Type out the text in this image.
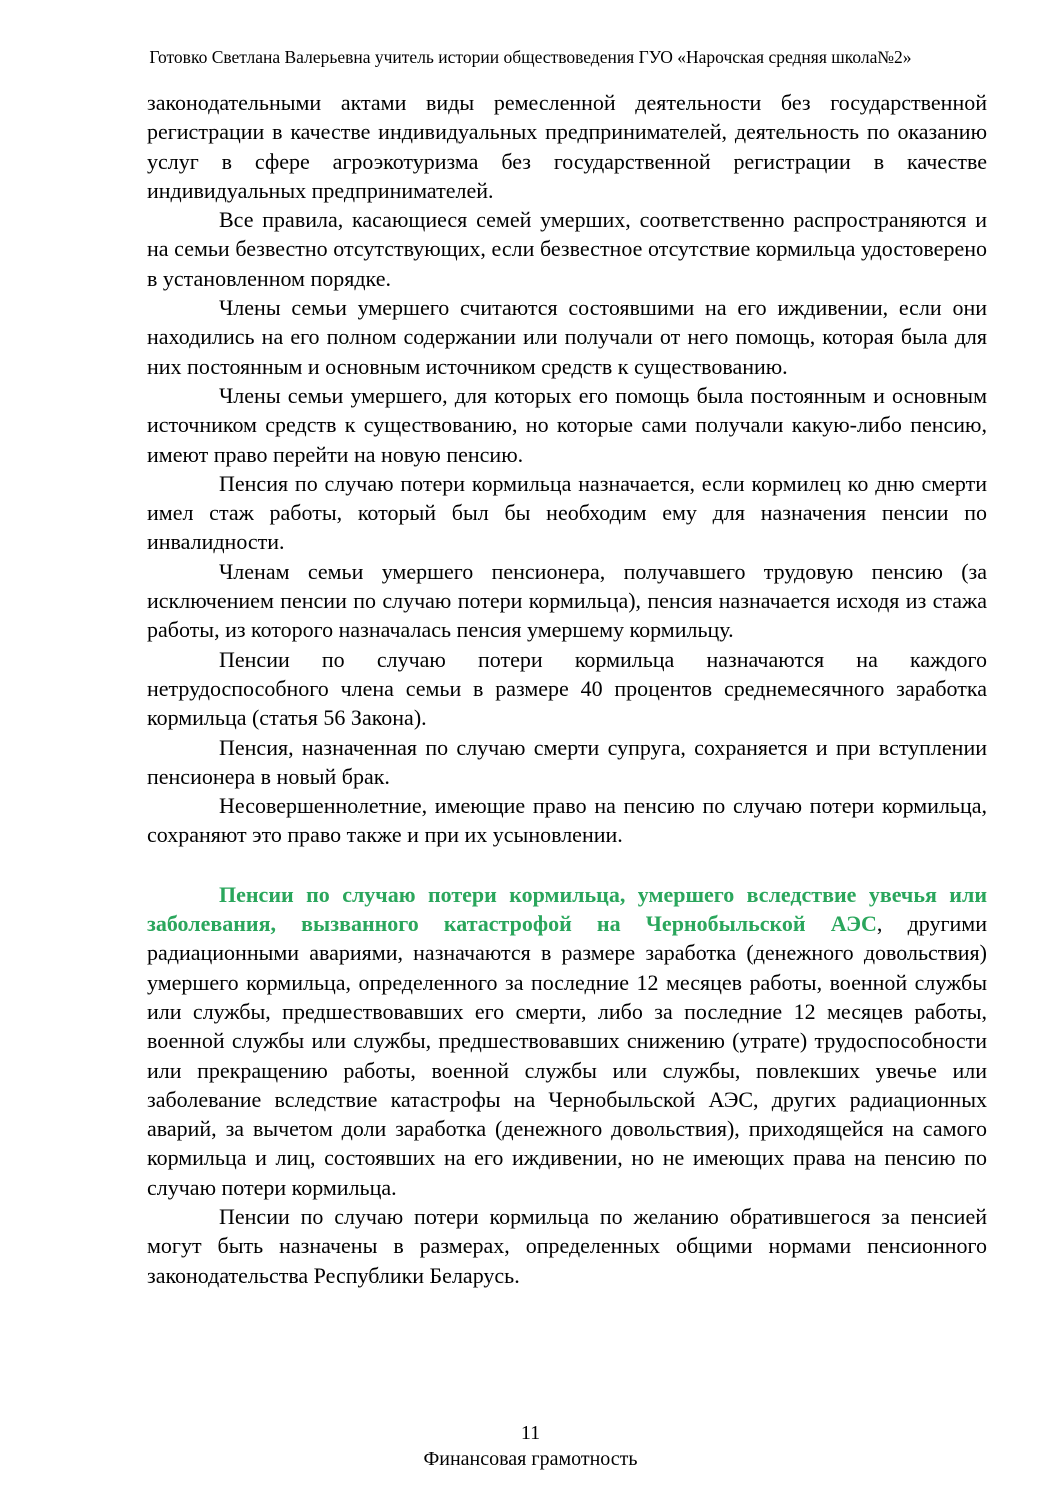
Готовко Светлана Валерьевна учитель истории обществоведения ГУО «Нарочская средняя школа№2»

законодательными актами виды ремесленной деятельности без государственной регистрации в качестве индивидуальных предпринимателей, деятельность по оказанию услуг в сфере агроэкотуризма без государственной регистрации в качестве индивидуальных предпринимателей.

Все правила, касающиеся семей умерших, соответственно распространяются и на семьи безвестно отсутствующих, если безвестное отсутствие кормильца удостоверено в установленном порядке.

Члены семьи умершего считаются состоявшими на его иждивении, если они находились на его полном содержании или получали от него помощь, которая была для них постоянным и основным источником средств к существованию.

Члены семьи умершего, для которых его помощь была постоянным и основным источником средств к существованию, но которые сами получали какую-либо пенсию, имеют право перейти на новую пенсию.

Пенсия по случаю потери кормильца назначается, если кормилец ко дню смерти имел стаж работы, который был бы необходим ему для назначения пенсии по инвалидности.

Членам семьи умершего пенсионера, получавшего трудовую пенсию (за исключением пенсии по случаю потери кормильца), пенсия назначается исходя из стажа работы, из которого назначалась пенсия умершему кормильцу.

Пенсии по случаю потери кормильца назначаются на каждого нетрудоспособного члена семьи в размере 40 процентов среднемесячного заработка кормильца (статья 56 Закона).

Пенсия, назначенная по случаю смерти супруга, сохраняется и при вступлении пенсионера в новый брак.

Несовершеннолетние, имеющие право на пенсию по случаю потери кормильца, сохраняют это право также и при их усыновлении.

Пенсии по случаю потери кормильца, умершего вследствие увечья или заболевания, вызванного катастрофой на Чернобыльской АЭС, другими радиационными авариями, назначаются в размере заработка (денежного довольствия) умершего кормильца, определенного за последние 12 месяцев работы, военной службы или службы, предшествовавших его смерти, либо за последние 12 месяцев работы, военной службы или службы, предшествовавших снижению (утрате) трудоспособности или прекращению работы, военной службы или службы, повлекших увечье или заболевание вследствие катастрофы на Чернобыльской АЭС, других радиационных аварий, за вычетом доли заработка (денежного довольствия), приходящейся на самого кормильца и лиц, состоявших на его иждивении, но не имеющих права на пенсию по случаю потери кормильца.

Пенсии по случаю потери кормильца по желанию обратившегося за пенсией могут быть назначены в размерах, определенных общими нормами пенсионного законодательства Республики Беларусь.

11
Финансовая грамотность
